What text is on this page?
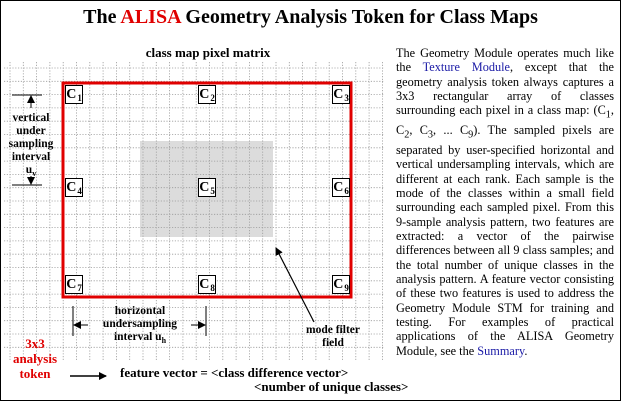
The ALISA Geometry Analysis Token for Class Maps
class map pixel matrix
$C_1$	$C_2$	$C_3$
$C_4$	$C_5$	$C_6$
$C_7$	$C_8$	$C_9$
vertical
under
sampling
interval
$u_v$
horizontal
undersampling
interval $u_h$
mode filter
field
3x3
analysis
token	feature vector = <class difference vector>
<number of unique classes>
The Geometry Module operates much like the Texture Module, except that the geometry analysis token always captures a 3x3 rectangular array of classes surrounding each pixel in a class map: ($C_1$, $C_2$, $C_3$, ... $C_9$). The sampled pixels are separated by user-specified horizontal and vertical undersampling intervals, which are different at each rank. Each sample is the mode of the classes within a small field surrounding each sampled pixel. From this 9-sample analysis pattern, two features are extracted: a vector of the pairwise differences between all 9 class samples; and the total number of unique classes in the analysis pattern. A feature vector consisting of these two features is used to address the Geometry Module STM for training and testing. For examples of practical applications of the ALISA Geometry Module, see the Summary.
